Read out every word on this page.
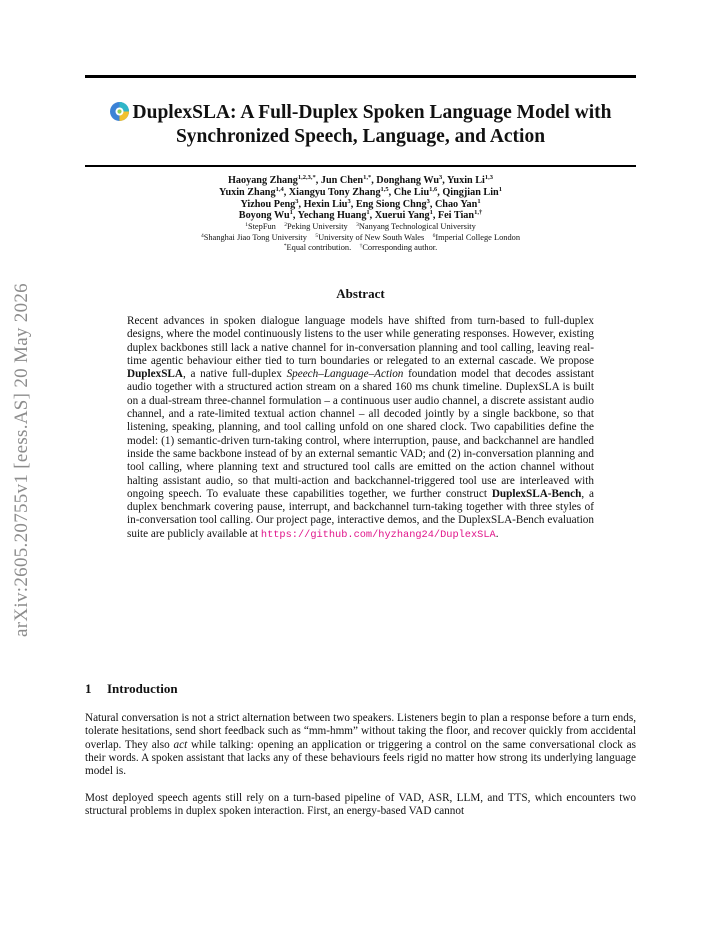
arXiv:2605.20755v1 [eess.AS] 20 May 2026
DuplexSLA: A Full-Duplex Spoken Language Model with
Synchronized Speech, Language, and Action
Haoyang Zhang$^{1,2,3,*}$, Jun Chen$^{1,*}$, Donghang Wu$^3$, Yuxin Li$^{1,3}$
Yuxin Zhang$^{1,4}$, Xiangyu Tony Zhang$^{1,5}$, Che Liu$^{1,6}$, Qingjian Lin$^1$
Yizhou Peng$^3$, Hexin Liu$^3$, Eng Siong Chng$^3$, Chao Yan$^1$
Boyong Wu$^1$, Yechang Huang$^1$, Xuerui Yang$^1$, Fei Tian$^{1,\dagger}$
$^1$StepFun $^2$Peking University $^3$Nanyang Technological University
$^4$Shanghai Jiao Tong University $^5$University of New South Wales $^6$Imperial College London
*Equal contribution. †Corresponding author.
Abstract
Recent advances in spoken dialogue language models have shifted from turn-based to full-duplex designs, where the model continuously listens to the user while generating responses. However, existing duplex backbones still lack a native channel for in-conversation planning and tool calling, leaving real-time agentic behaviour either tied to turn boundaries or relegated to an external cascade. We propose DuplexSLA, a native full-duplex Speech–Language–Action foundation model that decodes assistant audio together with a structured action stream on a shared 160 ms chunk timeline. DuplexSLA is built on a dual-stream three-channel formulation – a continuous user audio channel, a discrete assistant audio channel, and a rate-limited textual action channel – all decoded jointly by a single backbone, so that listening, speaking, planning, and tool calling unfold on one shared clock. Two capabilities define the model: (1) semantic-driven turn-taking control, where interruption, pause, and backchannel are handled inside the same backbone instead of by an external semantic VAD; and (2) in-conversation planning and tool calling, where planning text and structured tool calls are emitted on the action channel without halting assistant audio, so that multi-action and backchannel-triggered tool use are interleaved with ongoing speech. To evaluate these capabilities together, we further construct DuplexSLA-Bench, a duplex benchmark covering pause, interrupt, and backchannel turn-taking together with three styles of in-conversation tool calling. Our project page, interactive demos, and the DuplexSLA-Bench evaluation suite are publicly available at https://github.com/hyzhang24/DuplexSLA.
1 Introduction
Natural conversation is not a strict alternation between two speakers. Listeners begin to plan a response before a turn ends, tolerate hesitations, send short feedback such as “mm-hmm” without taking the floor, and recover quickly from accidental overlap. They also act while talking: opening an application or triggering a control on the same conversational clock as their words. A spoken assistant that lacks any of these behaviours feels rigid no matter how strong its underlying language model is.
Most deployed speech agents still rely on a turn-based pipeline of VAD, ASR, LLM, and TTS, which encounters two structural problems in duplex spoken interaction. First, an energy-based VAD cannot
